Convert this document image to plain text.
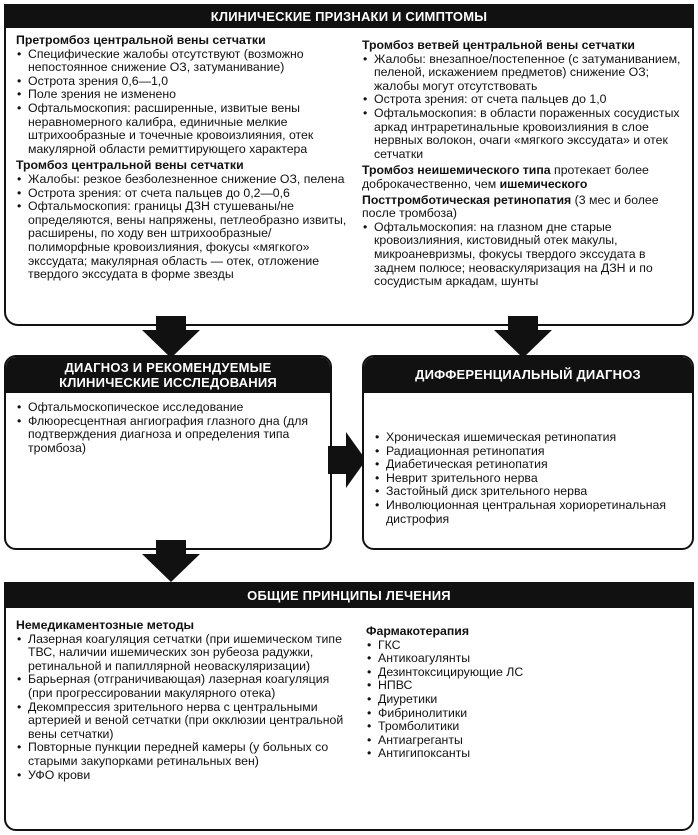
КЛИНИЧЕСКИЕ ПРИЗНАКИ И СИМПТОМЫ
Претромбоз центральной вены сетчатки
• Специфические жалобы отсутствуют (возможно непостоянное снижение ОЗ, затуманивание)
• Острота зрения 0,6—1,0
• Поле зрения не изменено
• Офтальмоскопия: расширенные, извитые вены неравномерного калибра, единичные мелкие штрихообразные и точечные кровоизлияния, отек макулярной области ремиттирующего характера
Тромбоз центральной вены сетчатки
• Жалобы: резкое безболезненное снижение ОЗ, пелена
• Острота зрения: от счета пальцев до 0,2—0,6
• Офтальмоскопия: границы ДЗН стушеваны/не определяются, вены напряжены, петлеобразно извиты, расширены, по ходу вен штрихообразные/полиморфные кровоизлияния, фокусы «мягкого» экссудата; макулярная область — отек, отложение твердого экссудата в форме звезды
Тромбоз ветвей центральной вены сетчатки
• Жалобы: внезапное/постепенное (с затуманиванием, пеленой, искажением предметов) снижение ОЗ; жалобы могут отсутствовать
• Острота зрения: от счета пальцев до 1,0
• Офтальмоскопия: в области пораженных сосудистых аркад интраретинальные кровоизлияния в слое нервных волокон, очаги «мягкого экссудата» и отек сетчатки
Тромбоз неишемического типа протекает более доброкачественно, чем ишемического
Посттромботическая ретинопатия (3 мес и более после тромбоза)
• Офтальмоскопия: на глазном дне старые кровоизлияния, кистовидный отек макулы, микроаневризмы, фокусы твердого экссудата в заднем полюсе; неоваскуляризация на ДЗН и по сосудистым аркадам, шунты
ДИАГНОЗ И РЕКОМЕНДУЕМЫЕ
КЛИНИЧЕСКИЕ ИССЛЕДОВАНИЯ
• Офтальмоскопическое исследование
• Флюоресцентная ангиография глазного дна (для подтверждения диагноза и определения типа тромбоза)
ДИФФЕРЕНЦИАЛЬНЫЙ ДИАГНОЗ
• Хроническая ишемическая ретинопатия
• Радиационная ретинопатия
• Диабетическая ретинопатия
• Неврит зрительного нерва
• Застойный диск зрительного нерва
• Инволюционная центральная хориоретинальная дистрофия
ОБЩИЕ ПРИНЦИПЫ ЛЕЧЕНИЯ
Немедикаментозные методы
• Лазерная коагуляция сетчатки (при ишемическом типе ТВС, наличии ишемических зон рубеоза радужки, ретинальной и папиллярной неоваскуляризации)
• Барьерная (отграничивающая) лазерная коагуляция (при прогрессировании макулярного отека)
• Декомпрессия зрительного нерва с центральными артерией и веной сетчатки (при окклюзии центральной вены сетчатки)
• Повторные пункции передней камеры (у больных со старыми закупорками ретинальных вен)
• УФО крови
Фармакотерапия
• ГКС
• Антикоагулянты
• Дезинтоксицирующие ЛС
• НПВС
• Диуретики
• Фибринолитики
• Тромболитики
• Антиагреганты
• Антигипоксанты
